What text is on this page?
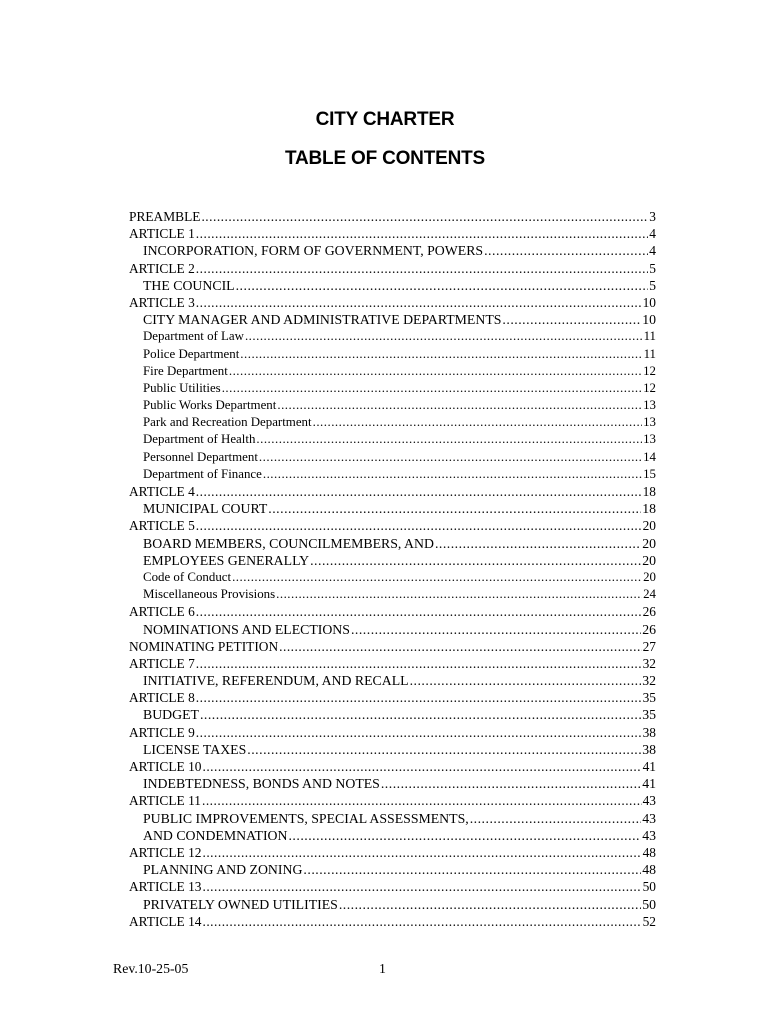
CITY CHARTER
TABLE OF CONTENTS
PREAMBLE .....	3
ARTICLE 1 .....	4
INCORPORATION, FORM OF GOVERNMENT, POWERS .....	4
ARTICLE 2 .....	5
THE COUNCIL .....	5
ARTICLE 3 .....	10
CITY MANAGER AND ADMINISTRATIVE DEPARTMENTS .....	10
Department of Law .....	11
Police Department .....	11
Fire Department .....	12
Public Utilities .....	12
Public Works Department .....	13
Park and Recreation Department .....	13
Department of Health .....	13
Personnel Department .....	14
Department of Finance .....	15
ARTICLE 4 .....	18
MUNICIPAL COURT .....	18
ARTICLE 5 .....	20
BOARD MEMBERS, COUNCILMEMBERS, AND .....	20
EMPLOYEES GENERALLY .....	20
Code of Conduct .....	20
Miscellaneous Provisions .....	24
ARTICLE 6 .....	26
NOMINATIONS AND ELECTIONS .....	26
NOMINATING PETITION .....	27
ARTICLE 7 .....	32
INITIATIVE, REFERENDUM, AND RECALL .....	32
ARTICLE 8 .....	35
BUDGET .....	35
ARTICLE 9 .....	38
LICENSE TAXES .....	38
ARTICLE 10 .....	41
INDEBTEDNESS, BONDS AND NOTES .....	41
ARTICLE 11 .....	43
PUBLIC IMPROVEMENTS, SPECIAL ASSESSMENTS, .....	43
AND CONDEMNATION .....	43
ARTICLE 12 .....	48
PLANNING AND ZONING .....	48
ARTICLE 13 .....	50
PRIVATELY OWNED UTILITIES .....	50
ARTICLE 14 .....	52
Rev.10-25-05	1
